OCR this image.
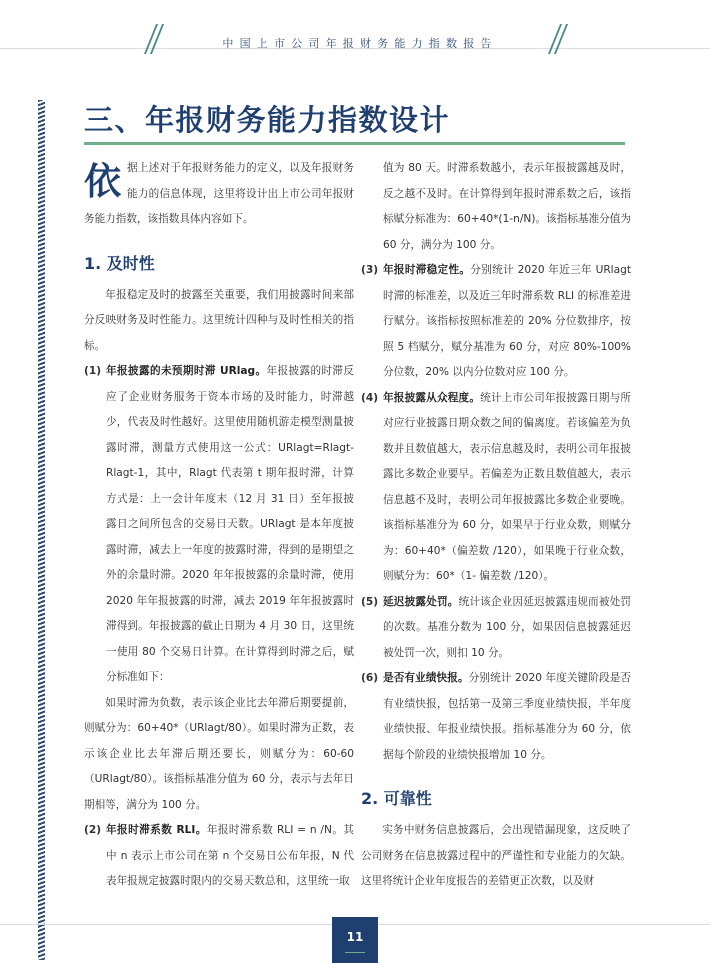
中国上市公司年报财务能力指数报告
三、年报财务能力指数设计
依 据上述对于年报财务能力的定义，以及年报财务能力的信息体现，这里将设计出上市公司年报财务能力指数，该指数具体内容如下。

1. 及时性

年报稳定及时的披露至关重要，我们用披露时间来部分反映财务及时性能力。这里统计四种与及时性相关的指标。

(1) 年报披露的未预期时滞 URlag。年报披露的时滞反应了企业财务服务于资本市场的及时能力，时滞越少，代表及时性越好。这里使用随机游走模型测量披露时滞，测量方式使用这一公式：URlagt=Rlagt-Rlagt-1，其中，Rlagt 代表第 t 期年报时滞，计算方式是：上一会计年度末（12 月 31 日）至年报披露日之间所包含的交易日天数。URlagt 是本年度披露时滞，减去上一年度的披露时滞，得到的是期望之外的余量时滞。2020 年年报披露的余量时滞，使用 2020 年年报披露的时滞，减去 2019 年年报披露时滞得到。年报披露的截止日期为 4 月 30 日，这里统一使用 80 个交易日计算。在计算得到时滞之后，赋分标准如下：

如果时滞为负数，表示该企业比去年滞后期要提前，则赋分为：60+40*（URlagt/80）。如果时滞为正数，表示该企业比去年滞后期还要长，则赋分为：60-60（URlagt/80）。该指标基准分值为 60 分，表示与去年日期相等，满分为 100 分。

(2) 年报时滞系数 RLI。年报时滞系数 RLI = n /N。其中 n 表示上市公司在第 n 个交易日公布年报，N 代表年报规定披露时限内的交易天数总和，这里统一取

值为 80 天。时滞系数越小，表示年报披露越及时，反之越不及时。在计算得到年报时滞系数之后，该指标赋分标准为：60+40*(1-n/N)。该指标基准分值为 60 分，满分为 100 分。

(3) 年报时滞稳定性。分别统计 2020 年近三年 URlagt 时滞的标准差，以及近三年时滞系数 RLI 的标准差进行赋分。该指标按照标准差的 20% 分位数排序，按照 5 档赋分，赋分基准为 60 分，对应 80%-100% 分位数，20% 以内分位数对应 100 分。

(4) 年报披露从众程度。统计上市公司年报披露日期与所对应行业披露日期众数之间的偏离度。若该偏差为负数并且数值越大，表示信息越及时，表明公司年报披露比多数企业要早。若偏差为正数且数值越大，表示信息越不及时，表明公司年报披露比多数企业要晚。该指标基准分为 60 分，如果早于行业众数，则赋分为：60+40*（偏差数 /120），如果晚于行业众数，则赋分为：60*（1- 偏差数 /120）。

(5) 延迟披露处罚。统计该企业因延迟披露违规而被处罚的次数。基准分数为 100 分，如果因信息披露延迟被处罚一次，则扣 10 分。

(6) 是否有业绩快报。分别统计 2020 年度关键阶段是否有业绩快报，包括第一及第三季度业绩快报，半年度业绩快报、年报业绩快报。指标基准分为 60 分，依据每个阶段的业绩快报增加 10 分。

2. 可靠性

实务中财务信息披露后，会出现错漏现象，这反映了公司财务在信息披露过程中的严谨性和专业能力的欠缺。这里将统计企业年度报告的差错更正次数，以及财

11
